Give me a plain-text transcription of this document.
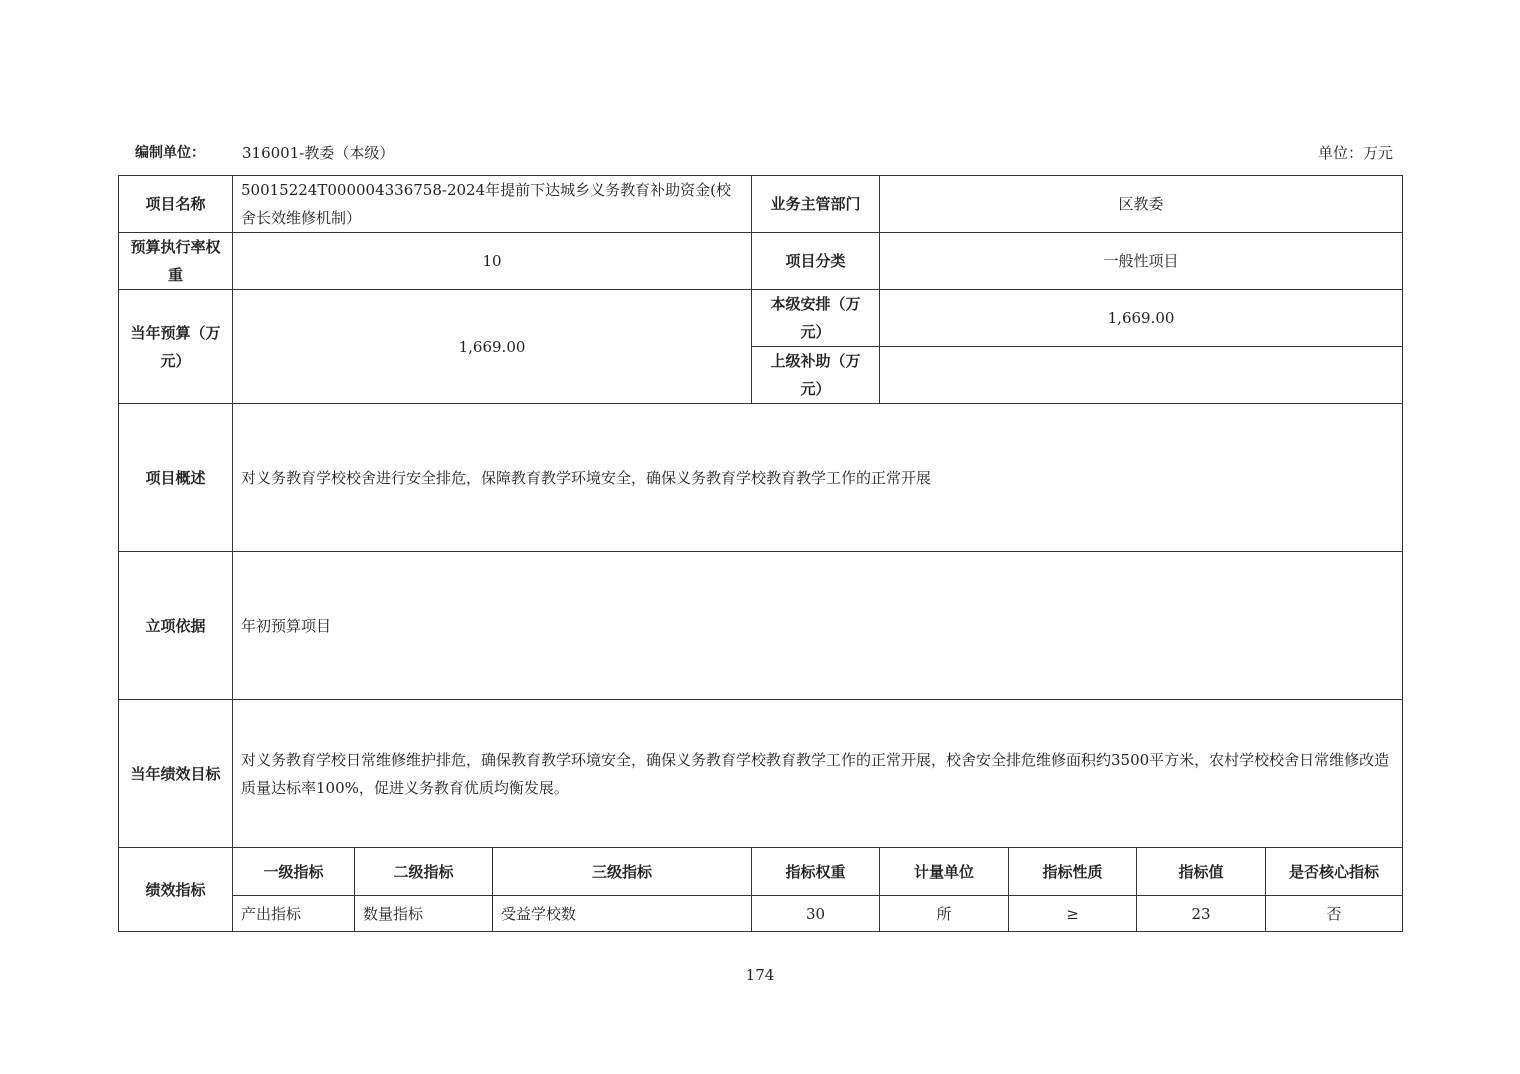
编制单位： 316001-教委（本级）	单位：万元
项目名称	50015224T000004336758-2024年提前下达城乡义务教育补助资金(校舍长效维修机制）			业务主管部门	区教委			
预算执行率权重	10			项目分类	一般性项目			
当年预算（万元）	1,669.00			本级安排（万元）	1,669.00			
				上级补助（万元）				
项目概述	对义务教育学校校舍进行安全排危，保障教育教学环境安全，确保义务教育学校教育教学工作的正常开展							
立项依据	年初预算项目							
当年绩效目标	对义务教育学校日常维修维护排危，确保教育教学环境安全，确保义务教育学校教育教学工作的正常开展，校舍安全排危维修面积约3500平方米，农村学校校舍日常维修改造质量达标率100%，促进义务教育优质均衡发展。							
绩效指标	一级指标	二级指标	三级指标	指标权重	计量单位	指标性质	指标值	是否核心指标
	产出指标	数量指标	受益学校数	30	所	≥	23	否
174
